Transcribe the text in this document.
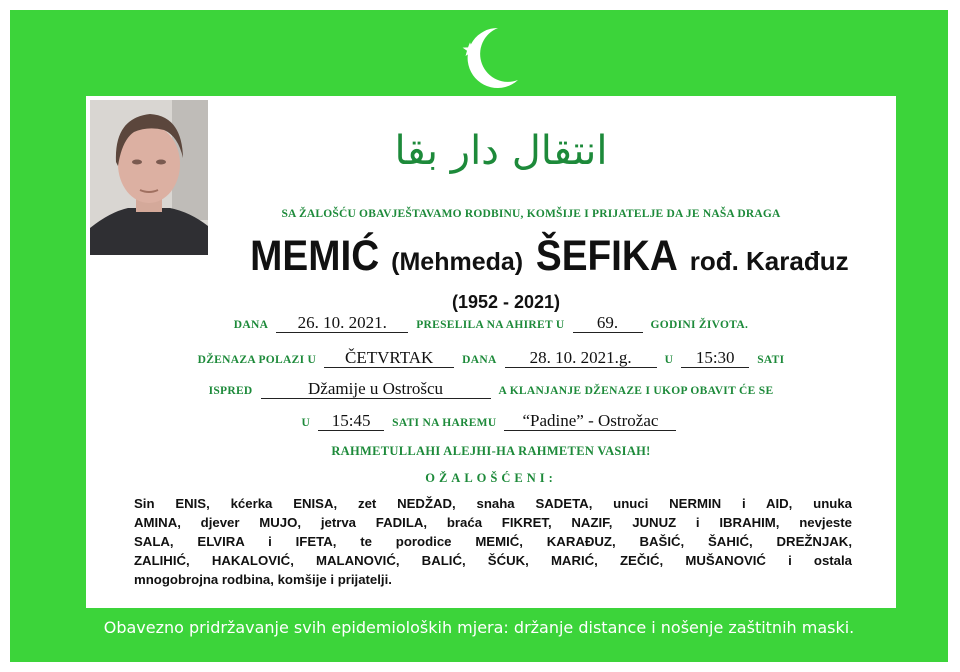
انتقال دار بقا
SA ŽALOŠĆU OBAVJEŠTAVAMO RODBINU, KOMŠIJE I PRIJATELJE DA JE NAŠA DRAGA
MEMIĆ (Mehmeda) ŠEFIKA rođ. Karađuz
(1952 - 2021)
DANA 26. 10. 2021.	PRESELILA NA AHIRET U 69.	GODINI ŽIVOTA.
DŽENAZA POLAZI U ČETVRTAK	DANA 28. 10. 2021.g.	U 15:30 SATI
ISPRED	Džamije u Ostrošcu	A KLANJANJE DŽENAZE I UKOP OBAVIT ĆE SE
U 15:45 SATI NA HAREMU “Padine” - Ostrožac
RAHMETULLAHI ALEJHI-HA RAHMETEN VASIAH!
OŽALOŠĆENI:
Sin ENIS, kćerka ENISA, zet NEDŽAD, snaha SADETA, unuci NERMIN i AID, unuka
AMINA, djever MUJO, jetrva FADILA, braća FIKRET, NAZIF, JUNUZ i IBRAHIM, nevjeste
SALA, ELVIRA i IFETA, te porodice MEMIĆ, KARAĐUZ, BAŠIĆ, ŠAHIĆ, DREŽNJAK,
ZALIHIĆ, HAKALOVIĆ, MALANOVIĆ, BALIĆ, ŠĆUK, MARIĆ, ZEČIĆ, MUŠANOVIĆ i ostala
mnogobrojna rodbina, komšije i prijatelji.
Obavezno pridržavanje svih epidemioloških mjera: držanje distance i nošenje zaštitnih maski.
